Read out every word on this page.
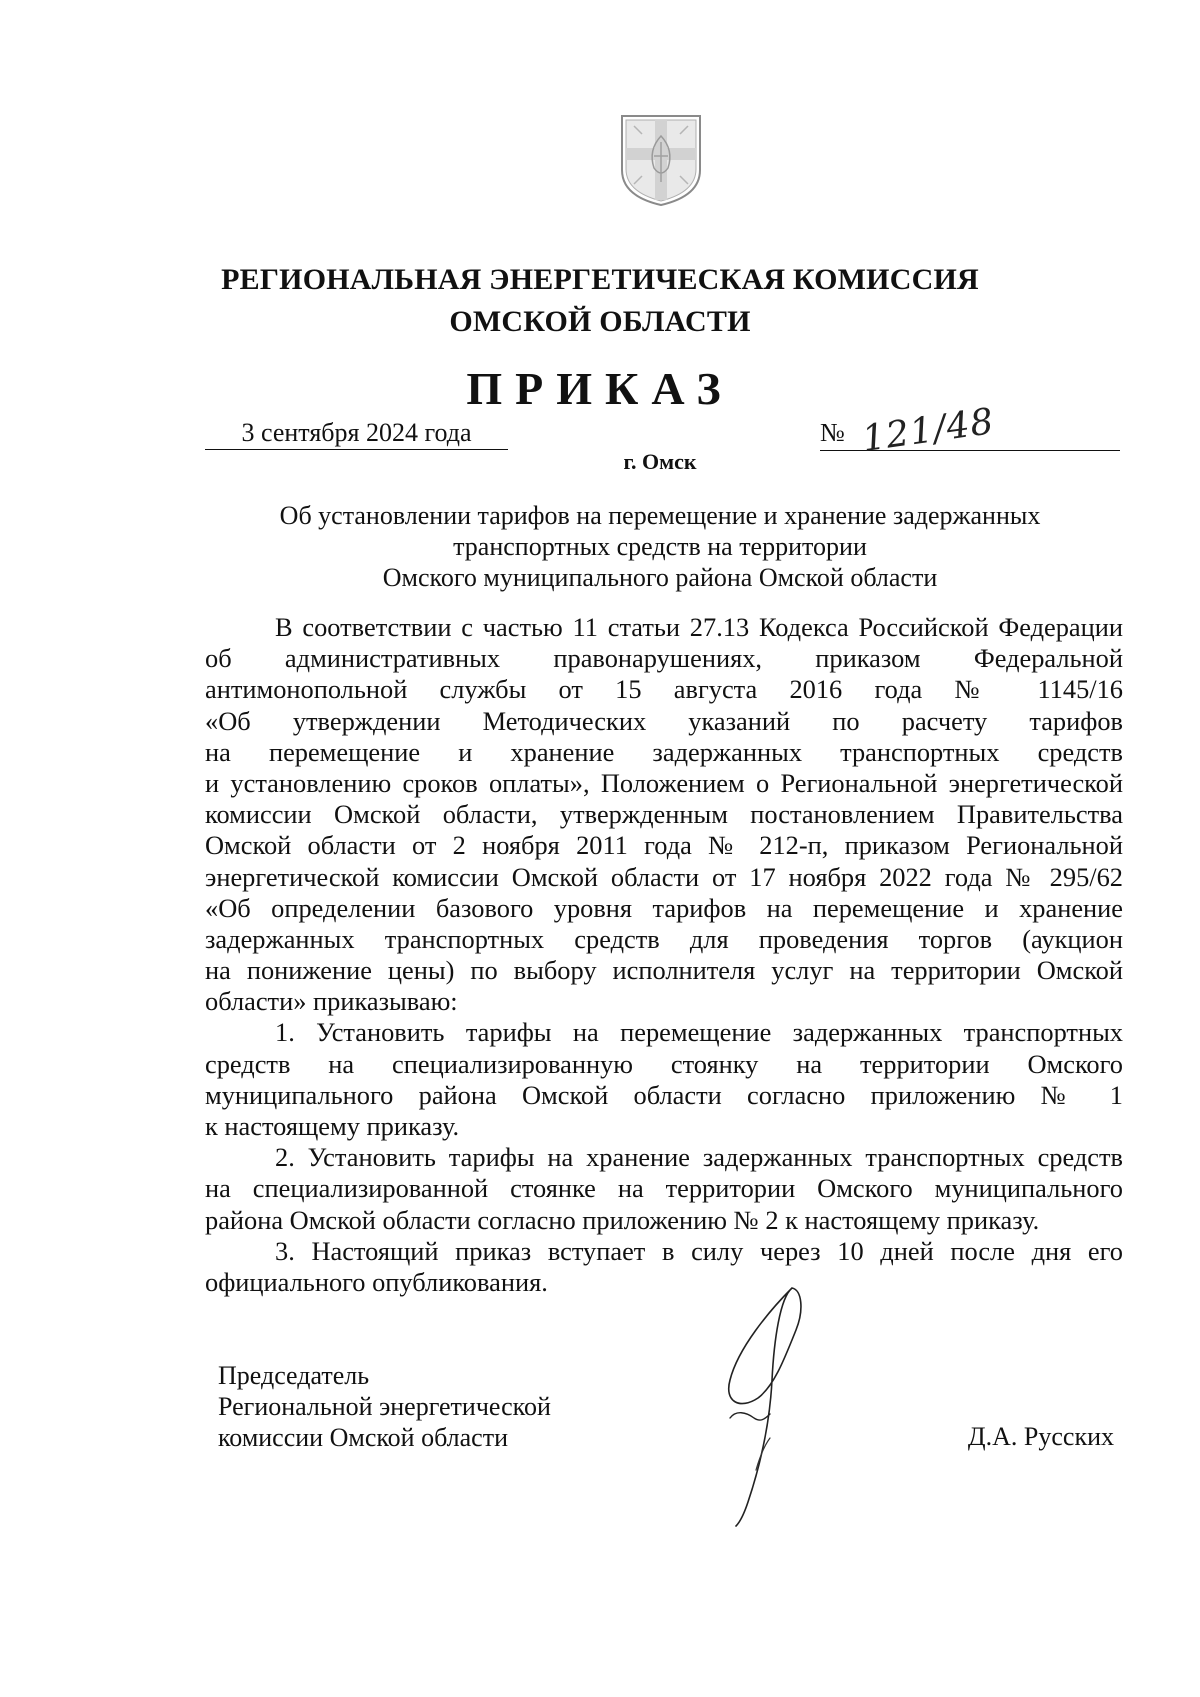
РЕГИОНАЛЬНАЯ ЭНЕРГЕТИЧЕСКАЯ КОМИССИЯ
ОМСКОЙ ОБЛАСТИ
ПРИКАЗ
3 сентября 2024 года	№ 121/48
г. Омск
Об установлении тарифов на перемещение и хранение задержанных
транспортных средств на территории
Омского муниципального района Омской области
В соответствии с частью 11 статьи 27.13 Кодекса Российской Федерации
об административных правонарушениях, приказом Федеральной
антимонопольной службы от 15 августа 2016 года № 1145/16
«Об утверждении Методических указаний по расчету тарифов
на перемещение и хранение задержанных транспортных средств
и установлению сроков оплаты», Положением о Региональной энергетической
комиссии Омской области, утвержденным постановлением Правительства
Омской области от 2 ноября 2011 года № 212-п, приказом Региональной
энергетической комиссии Омской области от 17 ноября 2022 года № 295/62
«Об определении базового уровня тарифов на перемещение и хранение
задержанных транспортных средств для проведения торгов (аукцион
на понижение цены) по выбору исполнителя услуг на территории Омской
области» приказываю:
1. Установить тарифы на перемещение задержанных транспортных
средств на специализированную стоянку на территории Омского
муниципального района Омской области согласно приложению № 1
к настоящему приказу.
2. Установить тарифы на хранение задержанных транспортных средств
на специализированной стоянке на территории Омского муниципального
района Омской области согласно приложению № 2 к настоящему приказу.
3. Настоящий приказ вступает в силу через 10 дней после дня его
официального опубликования.
Председатель
Региональной энергетической
комиссии Омской области	Д.А. Русских
